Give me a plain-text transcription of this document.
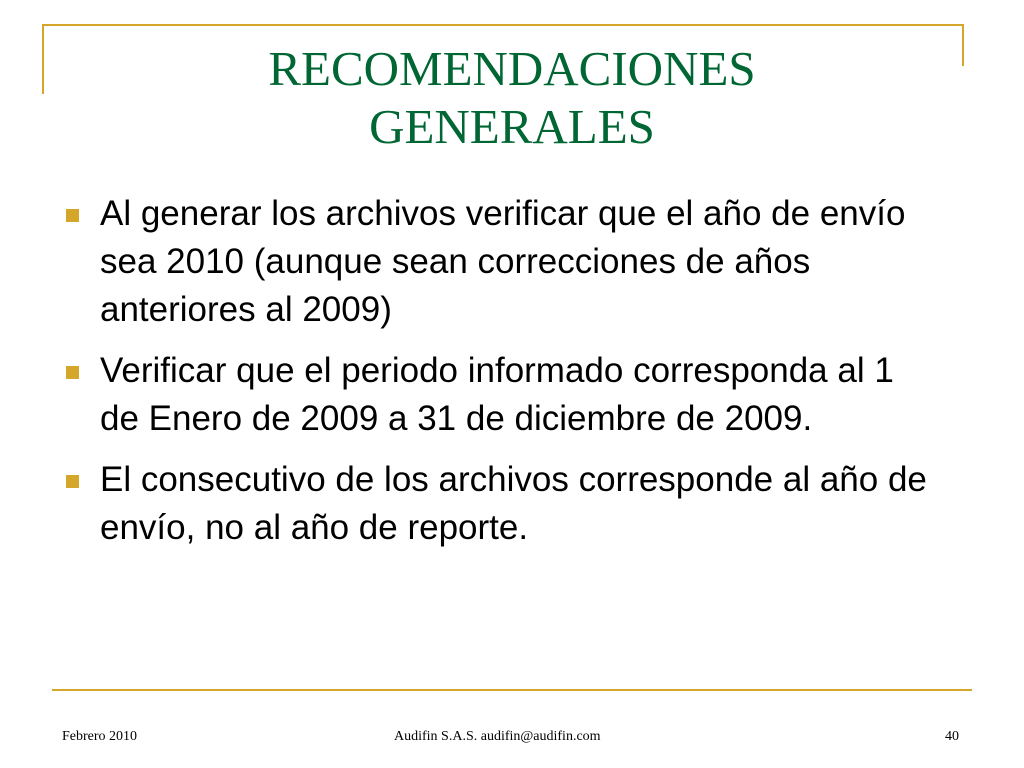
RECOMENDACIONES
GENERALES
Al generar los archivos verificar que el año de envío sea 2010 (aunque sean correcciones de años anteriores al 2009)
Verificar que el periodo informado corresponda al 1 de Enero de 2009 a 31 de diciembre de 2009.
El consecutivo de los archivos corresponde al año de envío, no al año de reporte.
Febrero 2010	Audifin S.A.S. audifin@audifin.com	40
